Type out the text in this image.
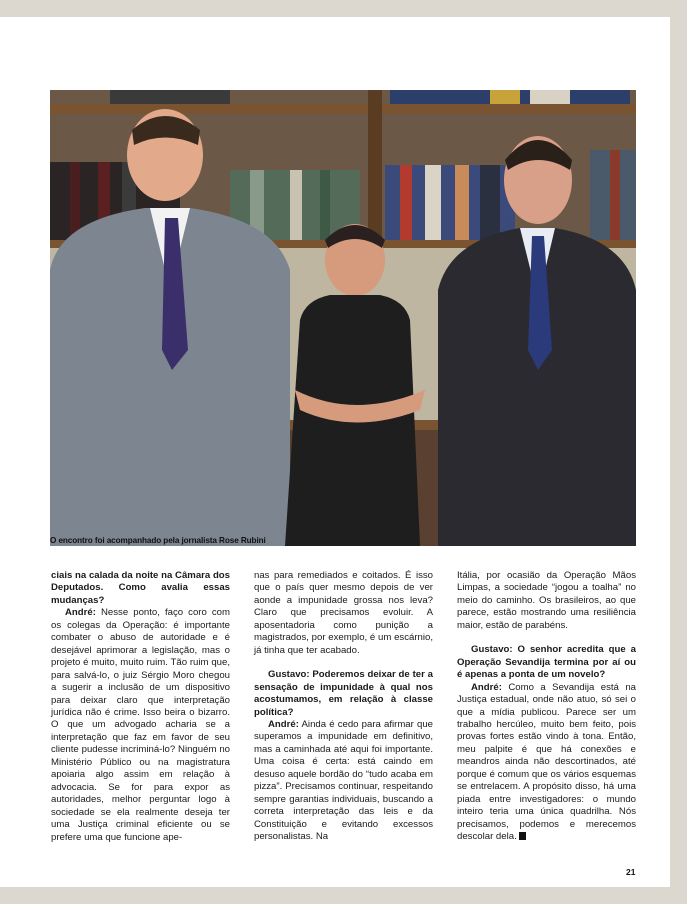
O encontro foi acompanhado pela jornalista Rose Rubini

ciais na calada da noite na Câmara dos Deputados. Como avalia essas mudanças?

André: Nesse ponto, faço coro com os colegas da Operação: é importante combater o abuso de autoridade e é desejável aprimorar a legislação, mas o projeto é muito, muito ruim. Tão ruim que, para salvá-lo, o juiz Sérgio Moro chegou a sugerir a inclusão de um dispositivo para deixar claro que interpretação jurídica não é crime. Isso beira o bizarro. O que um advogado acharia se a interpretação que faz em favor de seu cliente pudesse incriminá-lo? Ninguém no Ministério Público ou na magistratura apoiaria algo assim em relação à advocacia. Se for para expor as autoridades, melhor perguntar logo à sociedade se ela realmente deseja ter uma Justiça criminal eficiente ou se prefere uma que funcione ape-

nas para remediados e coitados. É isso que o país quer mesmo depois de ver aonde a impunidade grossa nos leva? Claro que precisamos evoluir. A aposentadoria como punição a magistrados, por exemplo, é um escárnio, já tinha que ter acabado.

Gustavo: Poderemos deixar de ter a sensação de impunidade à qual nos acostumamos, em relação à classe política?

André: Ainda é cedo para afirmar que superamos a impunidade em definitivo, mas a caminhada até aqui foi importante. Uma coisa é certa: está caindo em desuso aquele bordão do “tudo acaba em pizza”. Precisamos continuar, respeitando sempre garantias individuais, buscando a correta interpretação das leis e da Constituição e evitando excessos personalistas. Na

Itália, por ocasião da Operação Mãos Limpas, a sociedade “jogou a toalha” no meio do caminho. Os brasileiros, ao que parece, estão mostrando uma resiliência maior, estão de parabéns.

Gustavo: O senhor acredita que a Operação Sevandija termina por aí ou é apenas a ponta de um novelo?

André: Como a Sevandija está na Justiça estadual, onde não atuo, só sei o que a mídia publicou. Parece ser um trabalho hercúleo, muito bem feito, pois provas fortes estão vindo à tona. Então, meu palpite é que há conexões e meandros ainda não descortinados, até porque é comum que os vários esquemas se entrelacem. A propósito disso, há uma piada entre investigadores: o mundo inteiro teria uma única quadrilha. Nós precisamos, podemos e merecemos descolar dela.

21
